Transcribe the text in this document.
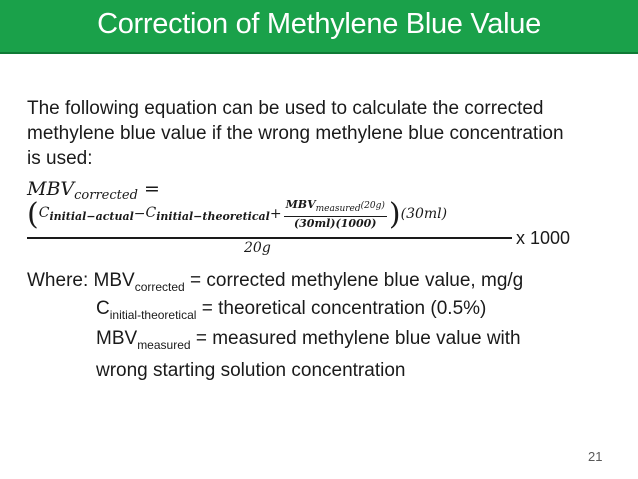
Correction of Methylene Blue Value

The following equation can be used to calculate the corrected

methylene blue value if the wrong methylene blue concentration

is used:

$MBV_{corrected}$ =
$(C_{initial-actual}-C_{initial-theoretical}+ \frac{MBV_{measured}(20g)}{(30ml)(1000)} )(30ml)$
20g	x 1000
Where: $MBV_{corrected}$ = corrected methylene blue value, mg/g
$C_{initial-theoretical}$ = theoretical concentration (0.5%)
$MBV_{measured}$ = measured methylene blue value with
wrong starting solution concentration
21
